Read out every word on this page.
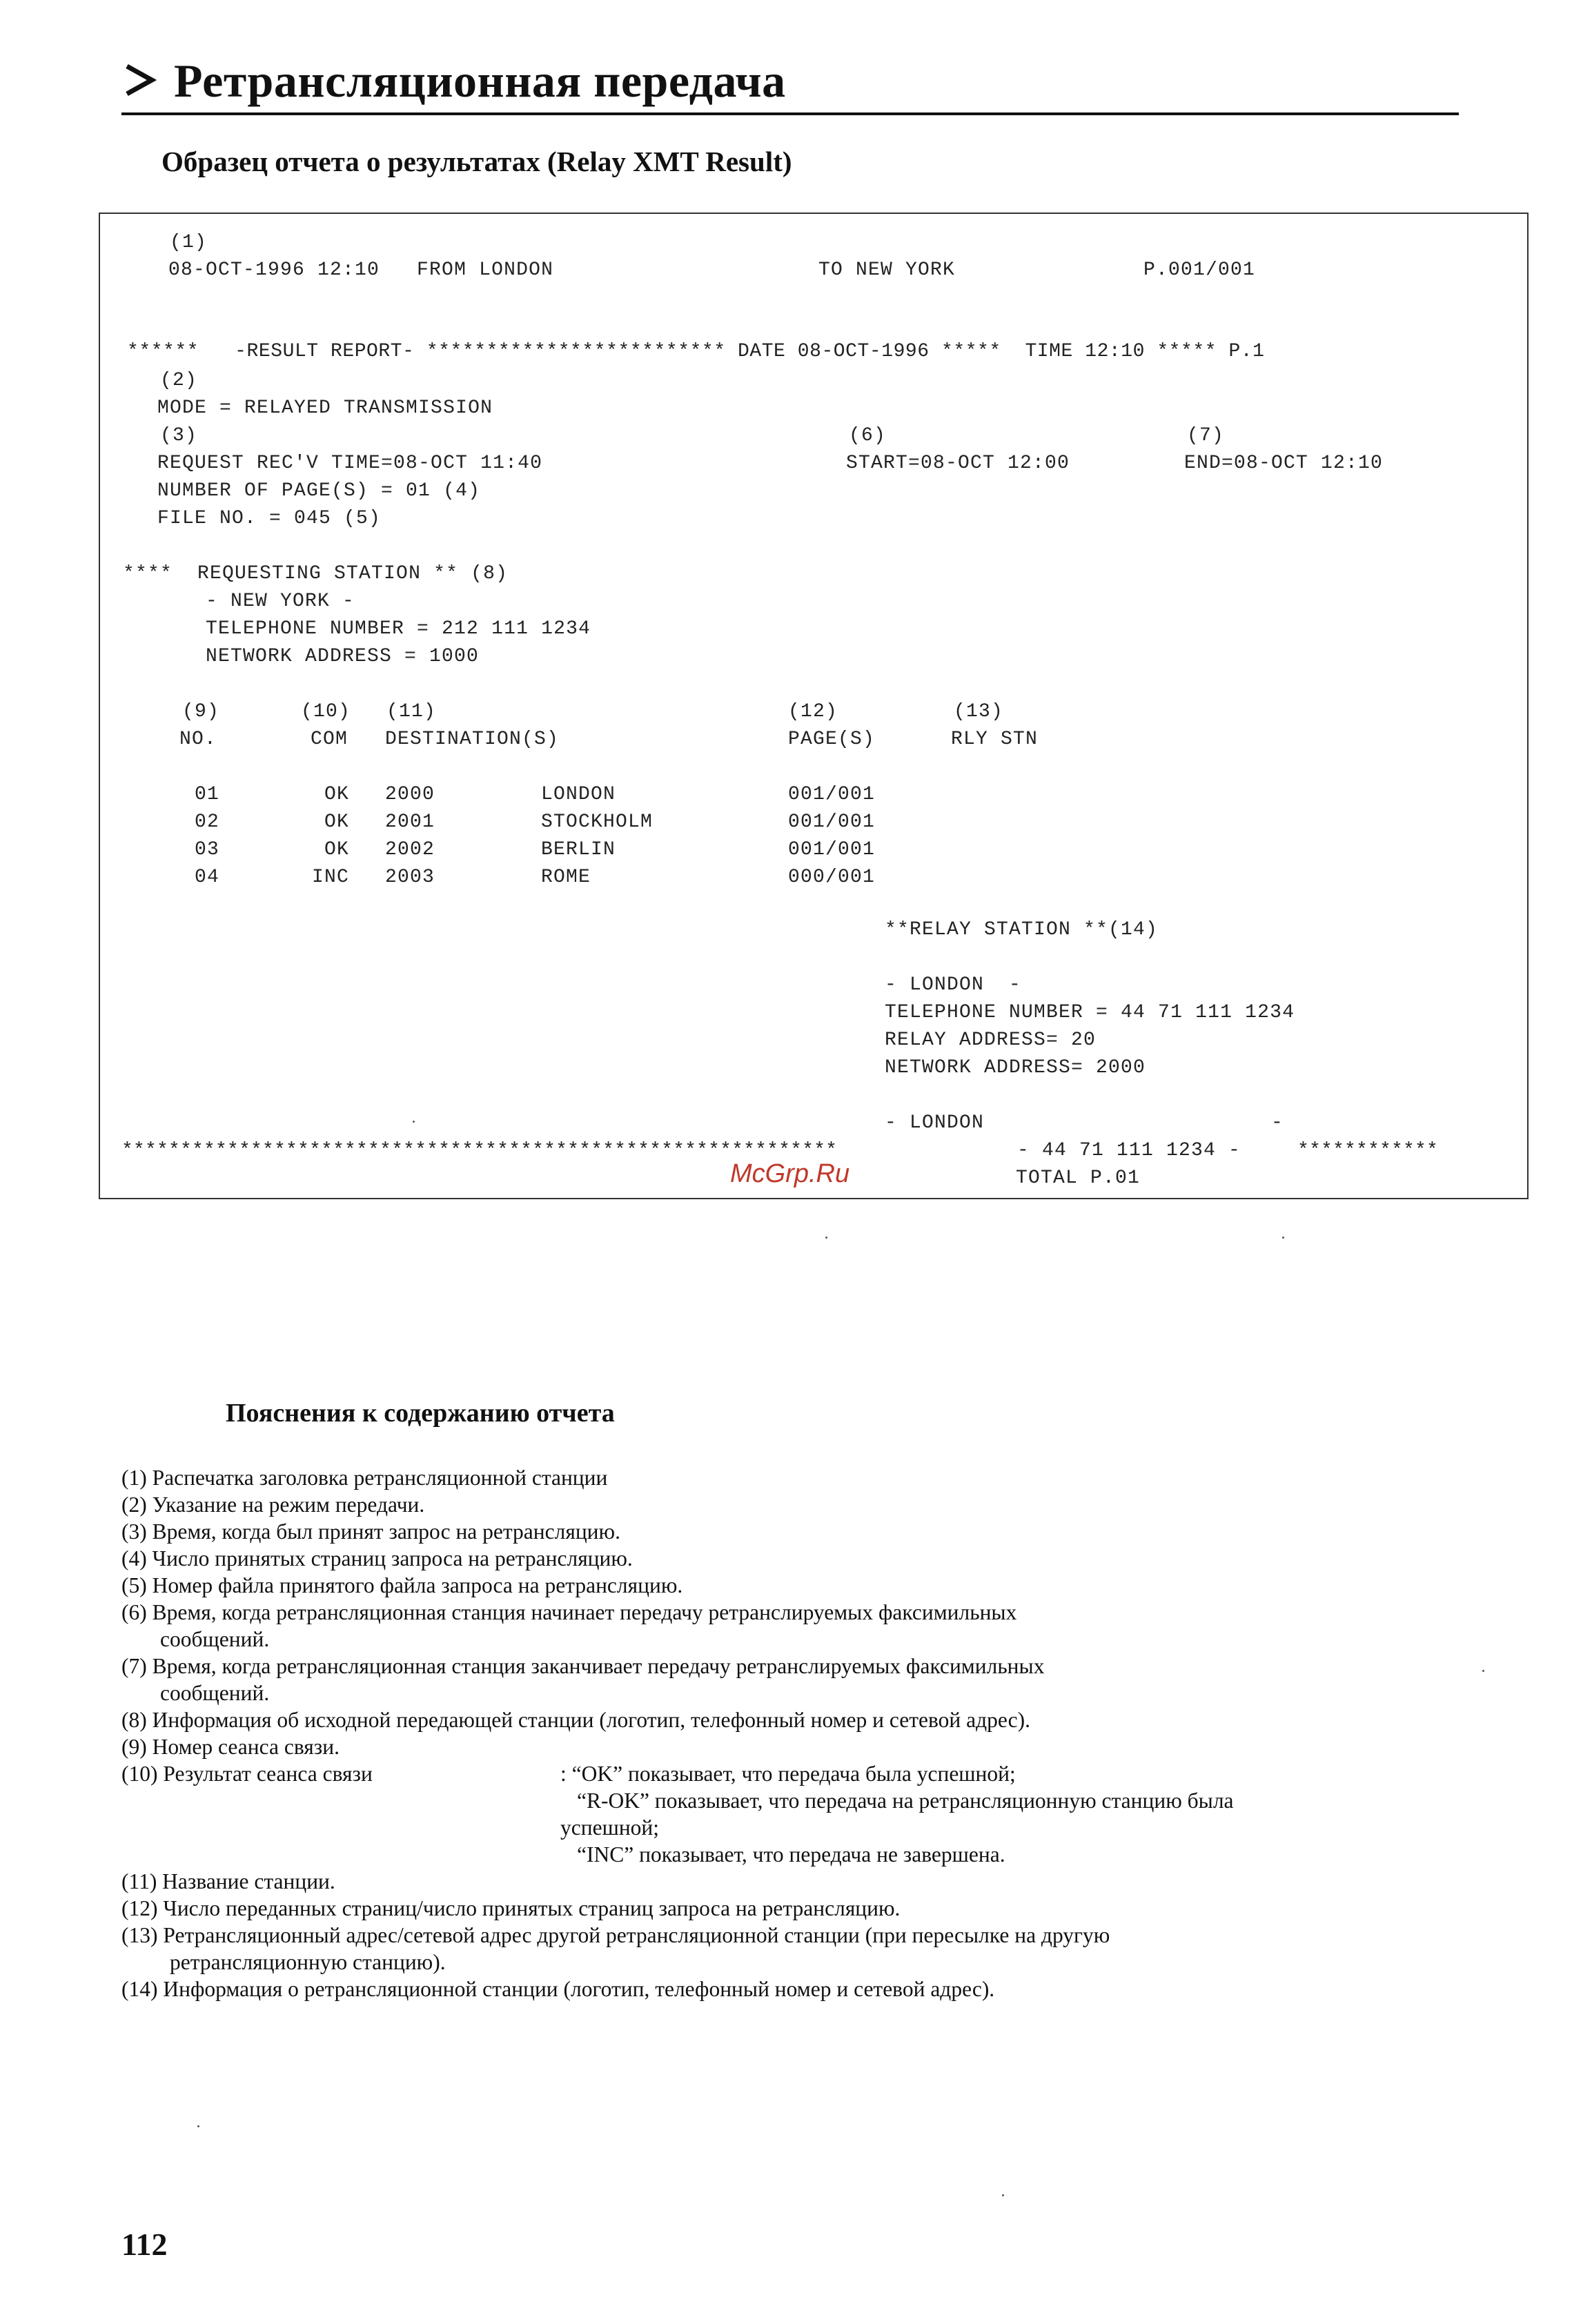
Ретрансляционная передача
Образец отчета о результатах (Relay XMT Result)
(1)
08-OCT-1996 12:10   FROM LONDON	TO NEW YORK	P.001/001
******   -RESULT REPORT- ************************* DATE 08-OCT-1996 *****  TIME 12:10 ***** P.1
(2)
MODE = RELAYED TRANSMISSION
(3)	(6)	(7)
REQUEST REC'V TIME=08-OCT 11:40	START=08-OCT 12:00	END=08-OCT 12:10
NUMBER OF PAGE(S) = 01 (4)
FILE NO. = 045 (5)
****  REQUESTING STATION ** (8)
- NEW YORK -
TELEPHONE NUMBER = 212 111 1234
NETWORK ADDRESS = 1000
(9)	(10) (11)	(12)	(13)
NO.	COM DESTINATION(S)	PAGE(S)	RLY STN
01	OK 2000	LONDON	001/001
02	OK 2001	STOCKHOLM	001/001
03	OK 2002	BERLIN	001/001
04	INC 2003	ROME	000/001
**RELAY STATION **(14)
- LONDON  -
TELEPHONE NUMBER = 44 71 111 1234
RELAY ADDRESS= 20
NETWORK ADDRESS= 2000
- LONDON	-
*************************************************************	- 44 71 111 1234 -	************
TOTAL P.01
McGrp.Ru
Пояснения к содержанию отчета
(1) Распечатка заголовка ретрансляционной станции
(2) Указание на режим передачи.
(3) Время, когда был принят запрос на ретрансляцию.
(4) Число принятых страниц запроса на ретрансляцию.
(5) Номер файла принятого файла запроса на ретрансляцию.
(6) Время, когда ретрансляционная станция начинает передачу ретранслируемых факсимильных
сообщений.
(7) Время, когда ретрансляционная станция заканчивает передачу ретранслируемых факсимильных
сообщений.
(8) Информация об исходной передающей станции (логотип, телефонный номер и сетевой адрес).
(9) Номер сеанса связи.
(10) Результат сеанса связи	: “OK” показывает, что передача была успешной;
“R-OK” показывает, что передача на ретрансляционную станцию была
успешной;
“INC” показывает, что передача не завершена.
(11) Название станции.
(12) Число переданных страниц/число принятых страниц запроса на ретрансляцию.
(13) Ретрансляционный адрес/сетевой адрес другой ретрансляционной станции (при пересылке на другую
ретрансляционную станцию).
(14) Информация о ретрансляционной станции (логотип, телефонный номер и сетевой адрес).
112
